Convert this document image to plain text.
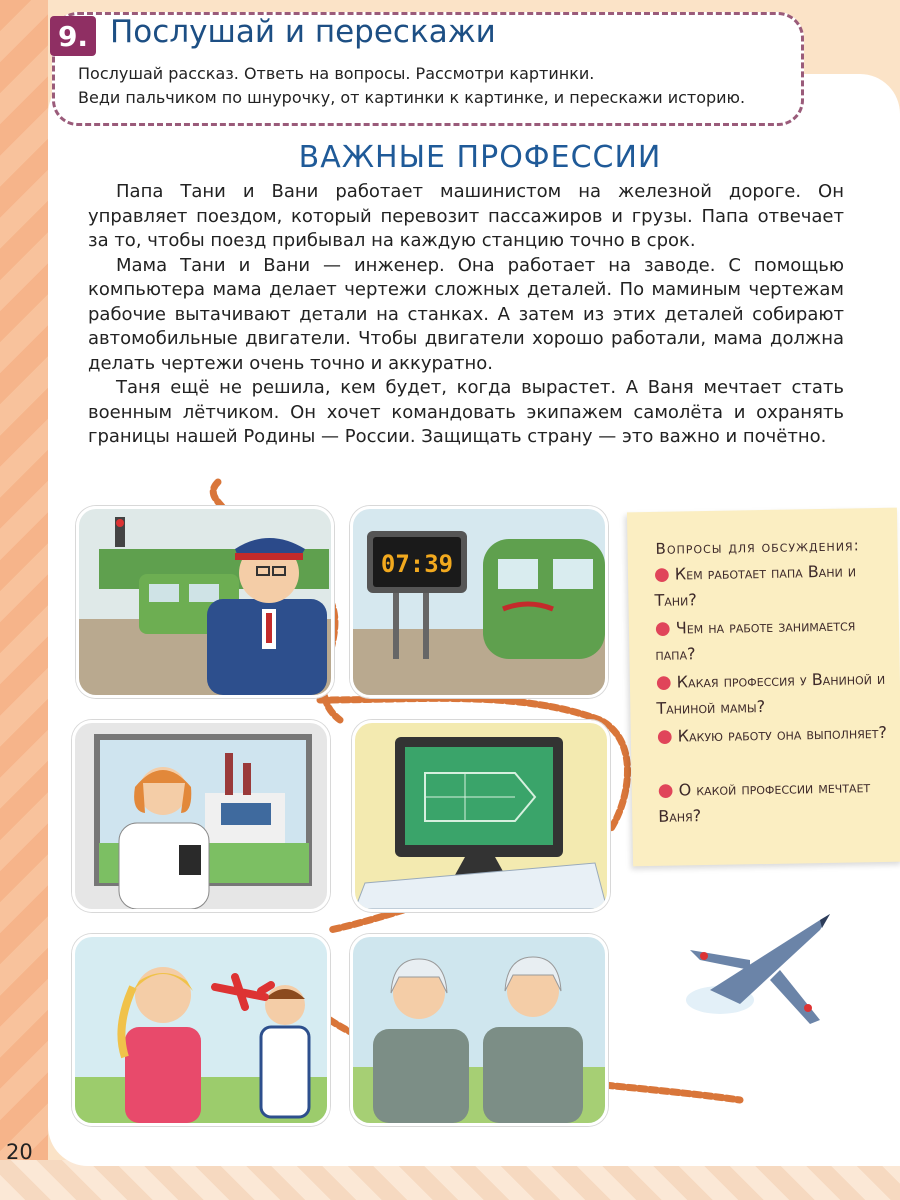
9. Послушай и перескажи
Послушай рассказ. Ответь на вопросы. Рассмотри картинки.
Веди пальчиком по шнурочку, от картинки к картинке, и перескажи историю.
ВАЖНЫЕ ПРОФЕССИИ

Папа Тани и Вани работает машинистом на железной дороге. Он управляет поездом, который перевозит пассажиров и грузы. Папа отвечает за то, чтобы поезд прибывал на каждую станцию точно в срок.

Мама Тани и Вани — инженер. Она работает на заводе. С помощью компьютера мама делает чертежи сложных деталей. По маминым чертежам рабочие вытачивают детали на станках. А затем из этих деталей собирают автомобильные двигатели. Чтобы двигатели хорошо работали, мама должна делать чертежи очень точно и аккуратно.

Таня ещё не решила, кем будет, когда вырастет. А Ваня мечтает стать военным лётчиком. Он хочет командовать экипажем самолёта и охранять границы нашей Родины — России. Защищать страну — это важно и почётно.

07:39
Вопросы для обсуждения:
● Кем работает папа Вани и Тани?
● Чем на работе занимается папа?
● Какая профессия у Ваниной и Таниной мамы?
● Какую работу она выполняет?
● О какой профессии мечтает Ваня?
20
